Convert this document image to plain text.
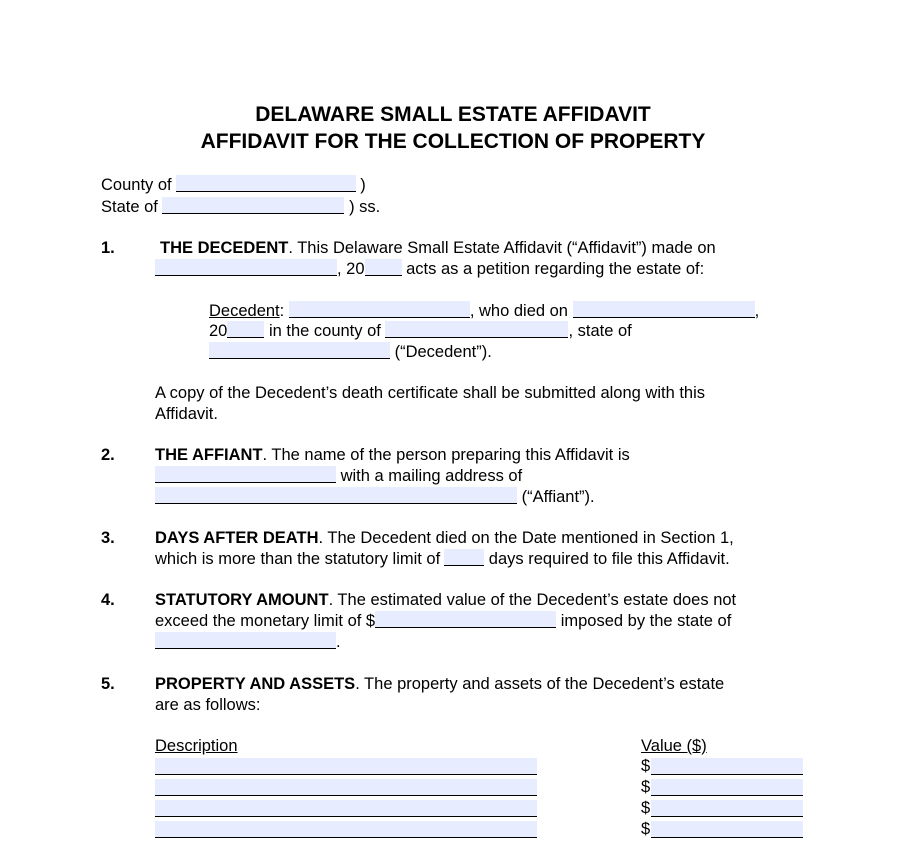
DELAWARE SMALL ESTATE AFFIDAVIT
AFFIDAVIT FOR THE COLLECTION OF PROPERTY
County of	)
State of	) ss.
1.	THE DECEDENT. This Delaware Small Estate Affidavit (“Affidavit”) made on
, 20	acts as a petition regarding the estate of:
Decedent:	, who died on	,
20	in the county of	, state of
(“Decedent”).
A copy of the Decedent’s death certificate shall be submitted along with this
Affidavit.
2. THE AFFIANT. The name of the person preparing this Affidavit is
with a mailing address of
(“Affiant”).
3. DAYS AFTER DEATH. The Decedent died on the Date mentioned in Section 1,
which is more than the statutory limit of	days required to file this Affidavit.
4. STATUTORY AMOUNT. The estimated value of the Decedent’s estate does not
exceed the monetary limit of $	imposed by the state of
.
5. PROPERTY AND ASSETS. The property and assets of the Decedent’s estate
are as follows:
Description	Value ($)
$
$
$
$
